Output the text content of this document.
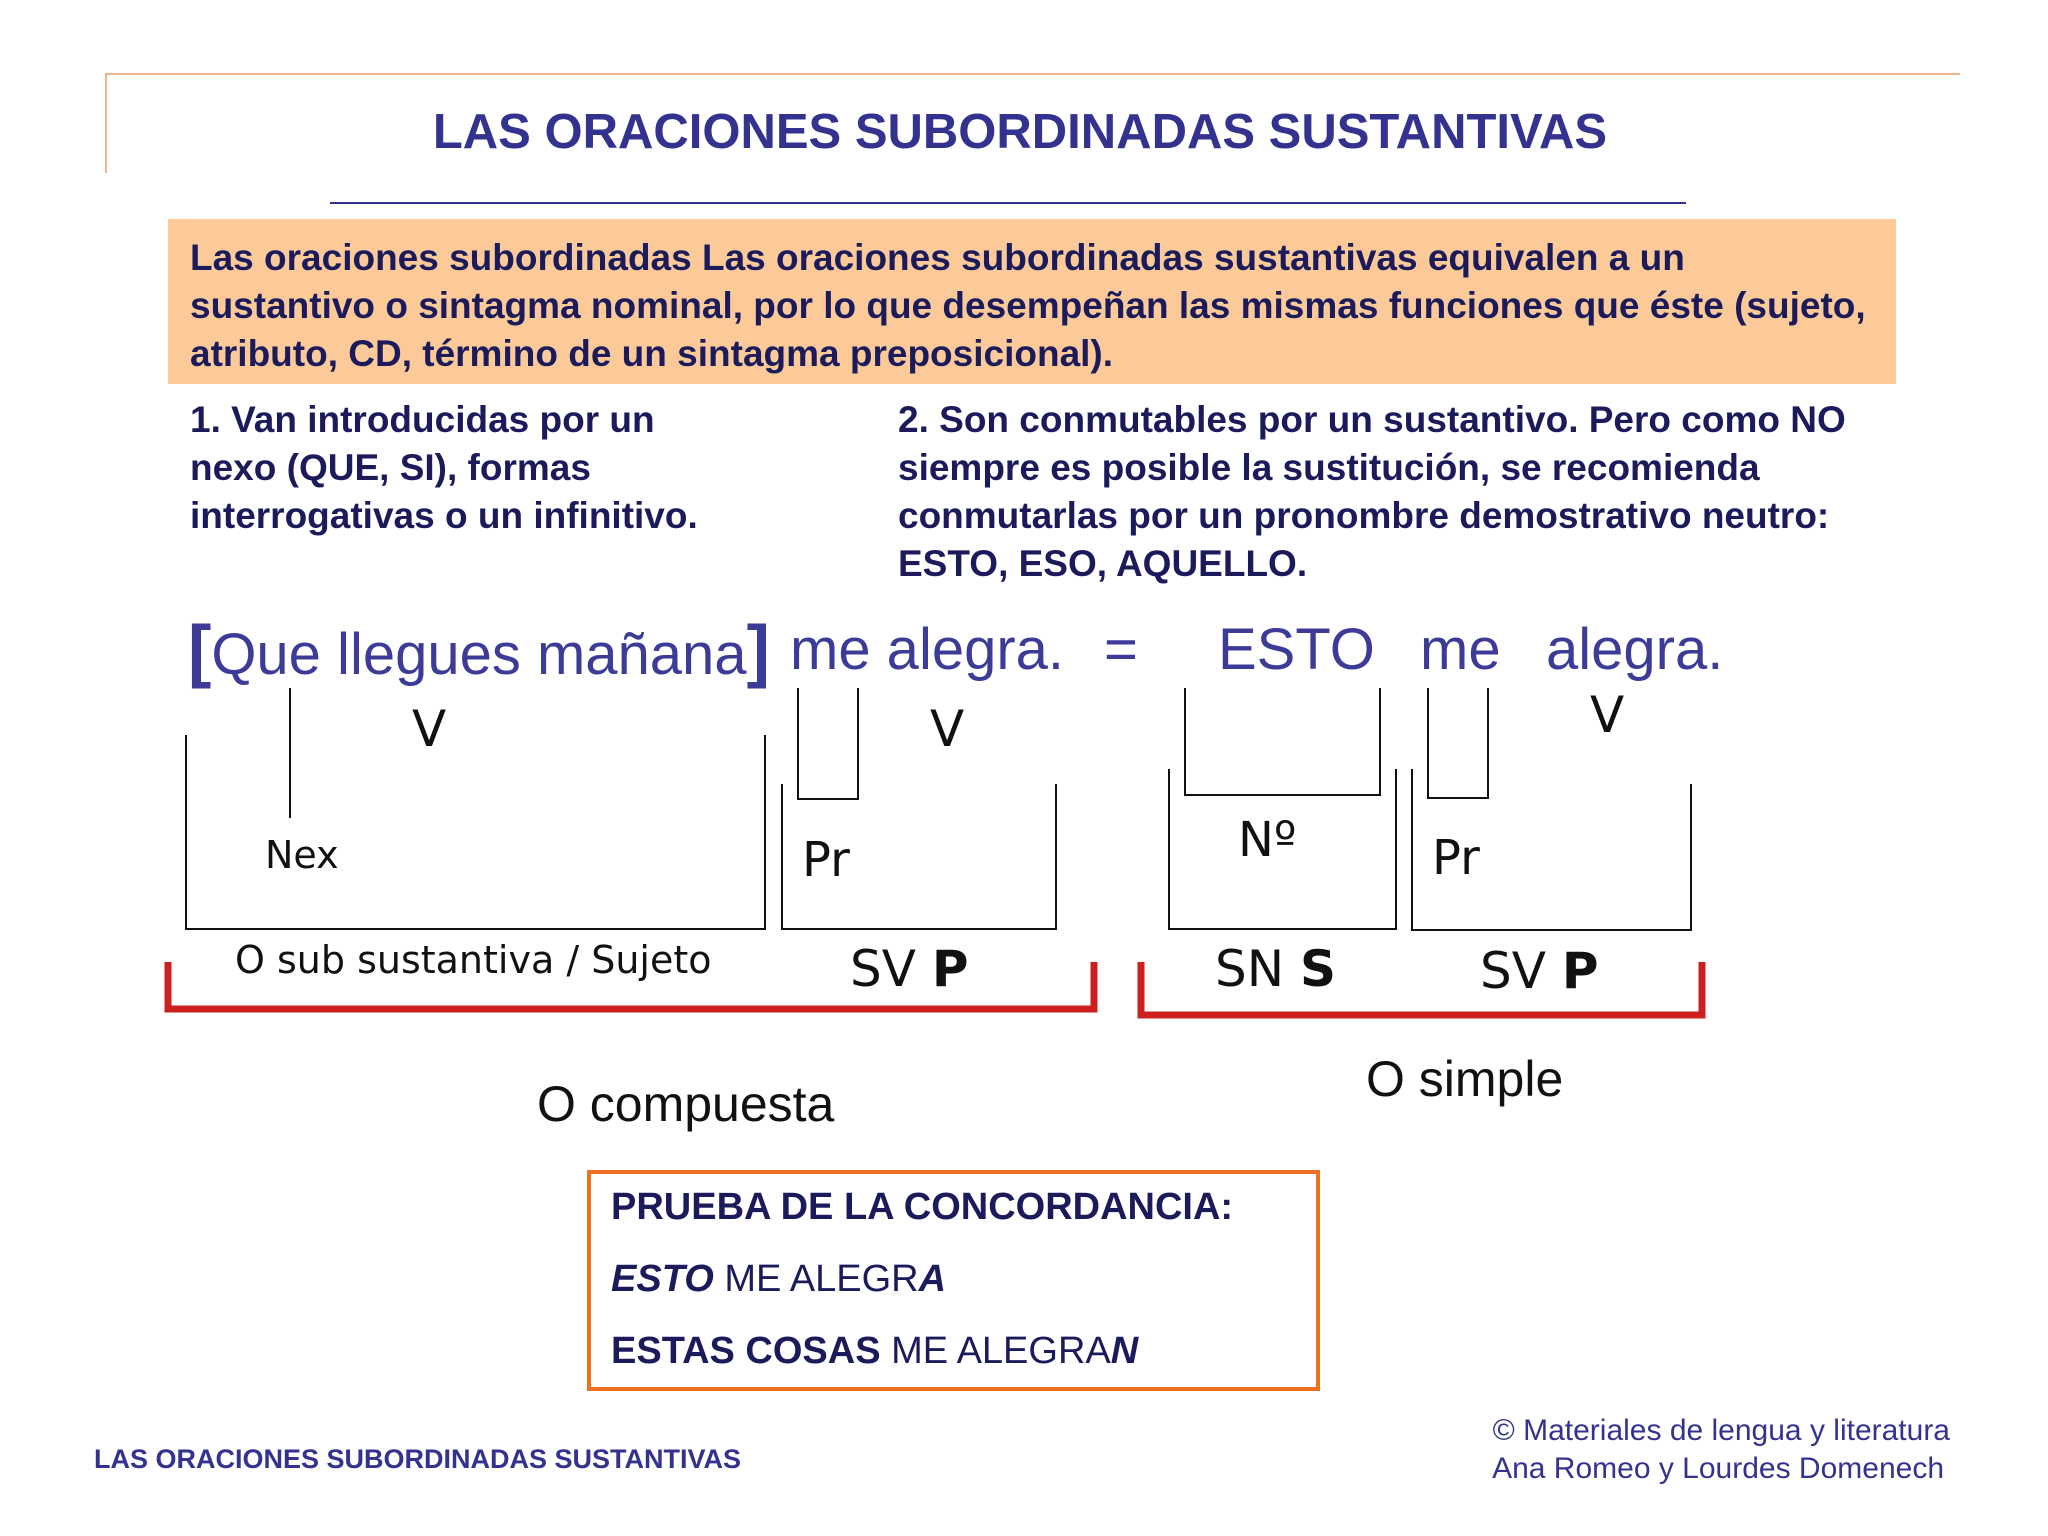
LAS ORACIONES SUBORDINADAS SUSTANTIVAS
Las oraciones subordinadas Las oraciones subordinadas sustantivas equivalen a un sustantivo o sintagma nominal, por lo que desempeñan las mismas funciones que éste (sujeto, atributo, CD, término de un sintagma preposicional).
1. Van introducidas por un nexo (QUE, SI), formas interrogativas o un infinitivo.
2. Son conmutables por un sustantivo. Pero como NO siempre es posible la sustitución, se recomienda conmutarlas por un pronombre demostrativo neutro: ESTO, ESO, AQUELLO.
[Que llegues mañana] me alegra. = ESTO me alegra.
V	V	V
Nex	Pr	Nº	Pr
O sub sustantiva / Sujeto	SV P	SN S	SV P
O compuesta	O simple
PRUEBA DE LA CONCORDANCIA:
ESTO ME ALEGRA
ESTAS COSAS ME ALEGRAN
LAS ORACIONES SUBORDINADAS SUSTANTIVAS
© Materiales de lengua y literatura
Ana Romeo y Lourdes Domenech
